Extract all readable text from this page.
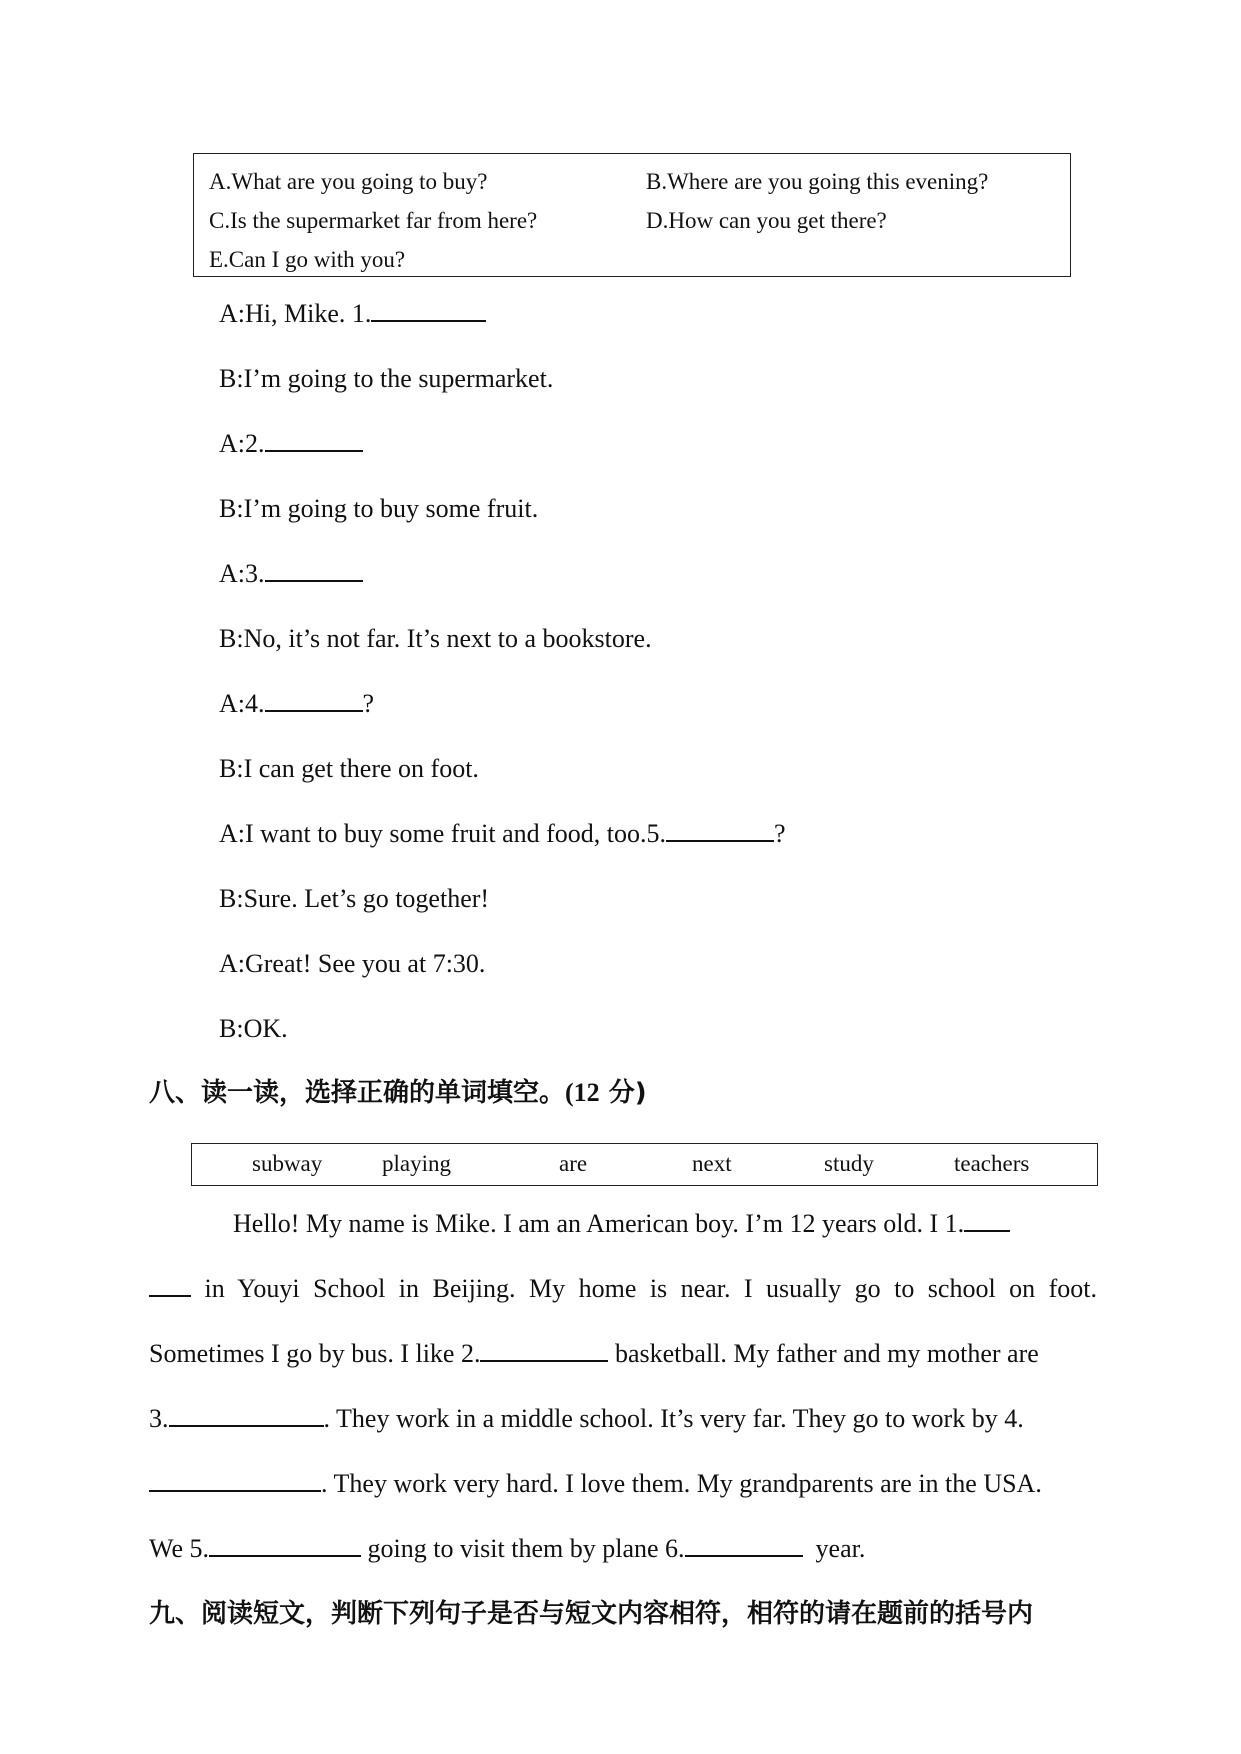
A.What are you going to buy?	B.Where are you going this evening?
C.Is the supermarket far from here?	D.How can you get there?
E.Can I go with you?
A:Hi, Mike. 1.
B:I’m going to the supermarket.
A:2.
B:I’m going to buy some fruit.
A:3.
B:No, it’s not far. It’s next to a bookstore.
A:4.	?
B:I can get there on foot.
A:I want to buy some fruit and food, too.5.	?
B:Sure. Let’s go together!
A:Great! See you at 7:30.
B:OK.
八、读一读，选择正确的单词填空。(12 分)
subway	playing	are	next	study	teachers
Hello! My name is Mike. I am an American boy. I’m 12 years old. I 1.
in Youyi School in Beijing. My home is near. I usually go to school on foot.
Sometimes I go by bus. I like 2.	basketball. My father and my mother are
3.	. They work in a middle school. It’s very far. They go to work by 4.
. They work very hard. I love them. My grandparents are in the USA.
We 5.	going to visit them by plane 6.	year.
九、阅读短文，判断下列句子是否与短文内容相符，相符的请在题前的括号内
